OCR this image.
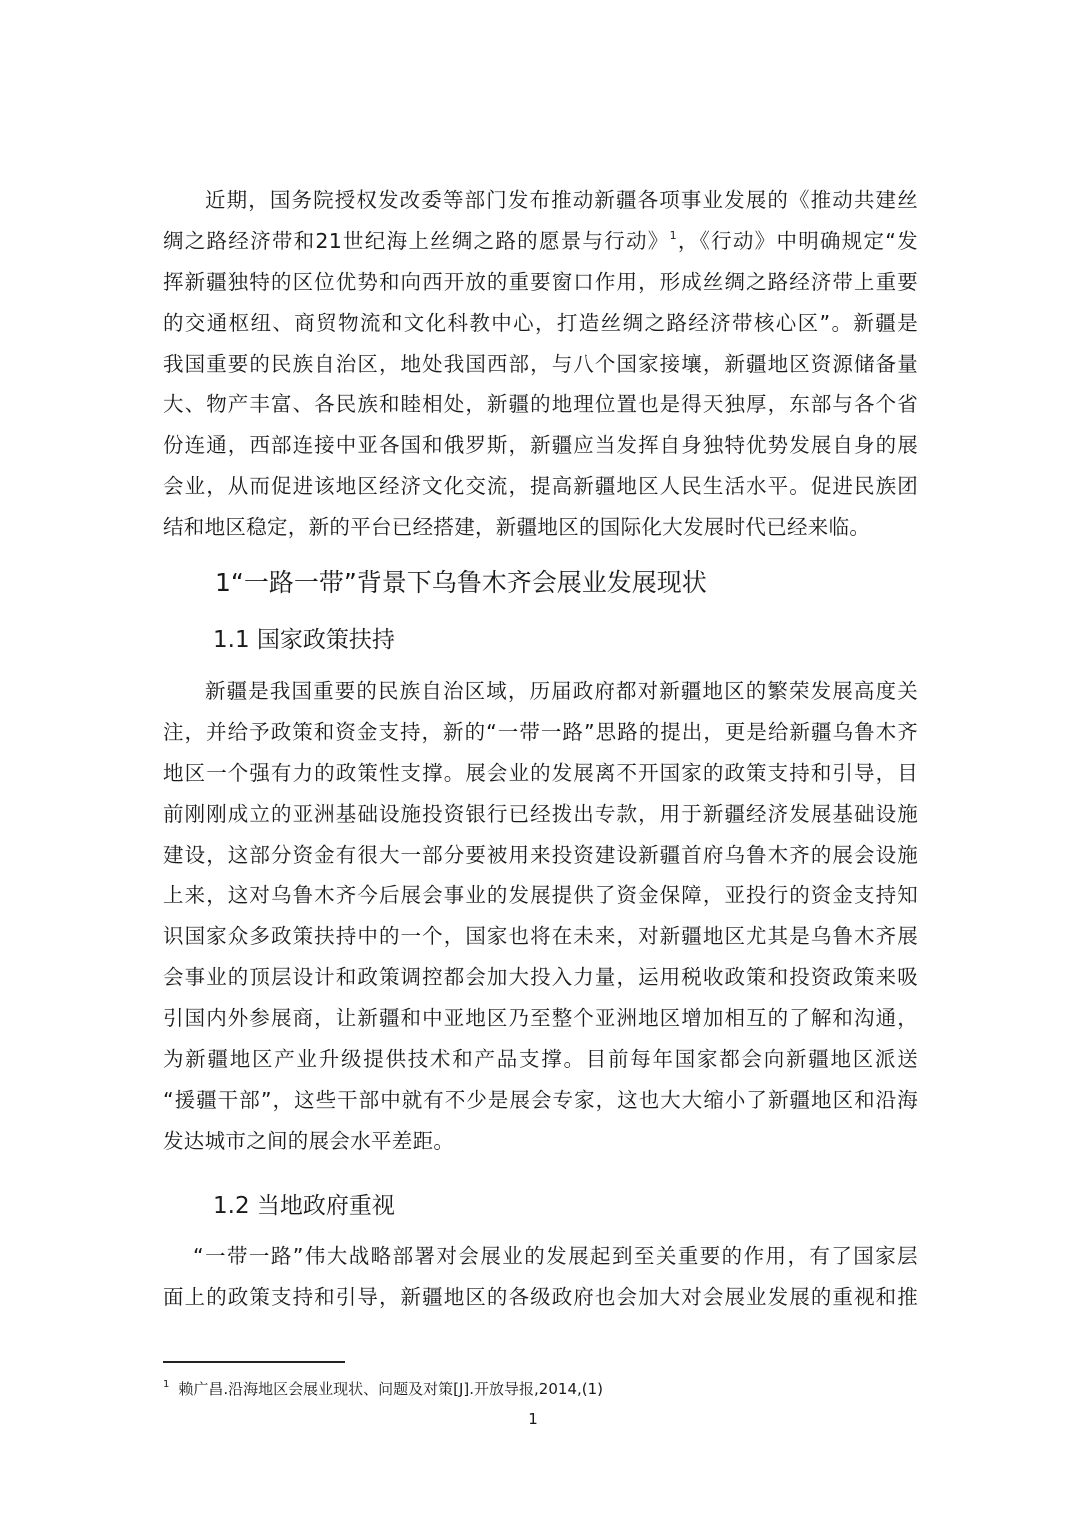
近期，国务院授权发改委等部门发布推动新疆各项事业发展的《推动共建丝
绸之路经济带和21世纪海上丝绸之路的愿景与行动》$^1$，《行动》中明确规定“发
挥新疆独特的区位优势和向西开放的重要窗口作用，形成丝绸之路经济带上重要
的交通枢纽、商贸物流和文化科教中心，打造丝绸之路经济带核心区”。新疆是
我国重要的民族自治区，地处我国西部，与八个国家接壤，新疆地区资源储备量
大、物产丰富、各民族和睦相处，新疆的地理位置也是得天独厚，东部与各个省
份连通，西部连接中亚各国和俄罗斯，新疆应当发挥自身独特优势发展自身的展
会业，从而促进该地区经济文化交流，提高新疆地区人民生活水平。促进民族团
结和地区稳定，新的平台已经搭建，新疆地区的国际化大发展时代已经来临。
1“一路一带”背景下乌鲁木齐会展业发展现状
1.1 国家政策扶持
新疆是我国重要的民族自治区域，历届政府都对新疆地区的繁荣发展高度关
注，并给予政策和资金支持，新的“一带一路”思路的提出，更是给新疆乌鲁木齐
地区一个强有力的政策性支撑。展会业的发展离不开国家的政策支持和引导，目
前刚刚成立的亚洲基础设施投资银行已经拨出专款，用于新疆经济发展基础设施
建设，这部分资金有很大一部分要被用来投资建设新疆首府乌鲁木齐的展会设施
上来，这对乌鲁木齐今后展会事业的发展提供了资金保障，亚投行的资金支持知
识国家众多政策扶持中的一个，国家也将在未来，对新疆地区尤其是乌鲁木齐展
会事业的顶层设计和政策调控都会加大投入力量，运用税收政策和投资政策来吸
引国内外参展商，让新疆和中亚地区乃至整个亚洲地区增加相互的了解和沟通，
为新疆地区产业升级提供技术和产品支撑。目前每年国家都会向新疆地区派送
“援疆干部”，这些干部中就有不少是展会专家，这也大大缩小了新疆地区和沿海
发达城市之间的展会水平差距。
1.2 当地政府重视
“一带一路”伟大战略部署对会展业的发展起到至关重要的作用，有了国家层
面上的政策支持和引导，新疆地区的各级政府也会加大对会展业发展的重视和推
$^1$ 赖广昌.沿海地区会展业现状、问题及对策[J].开放导报,2014,(1)
1
